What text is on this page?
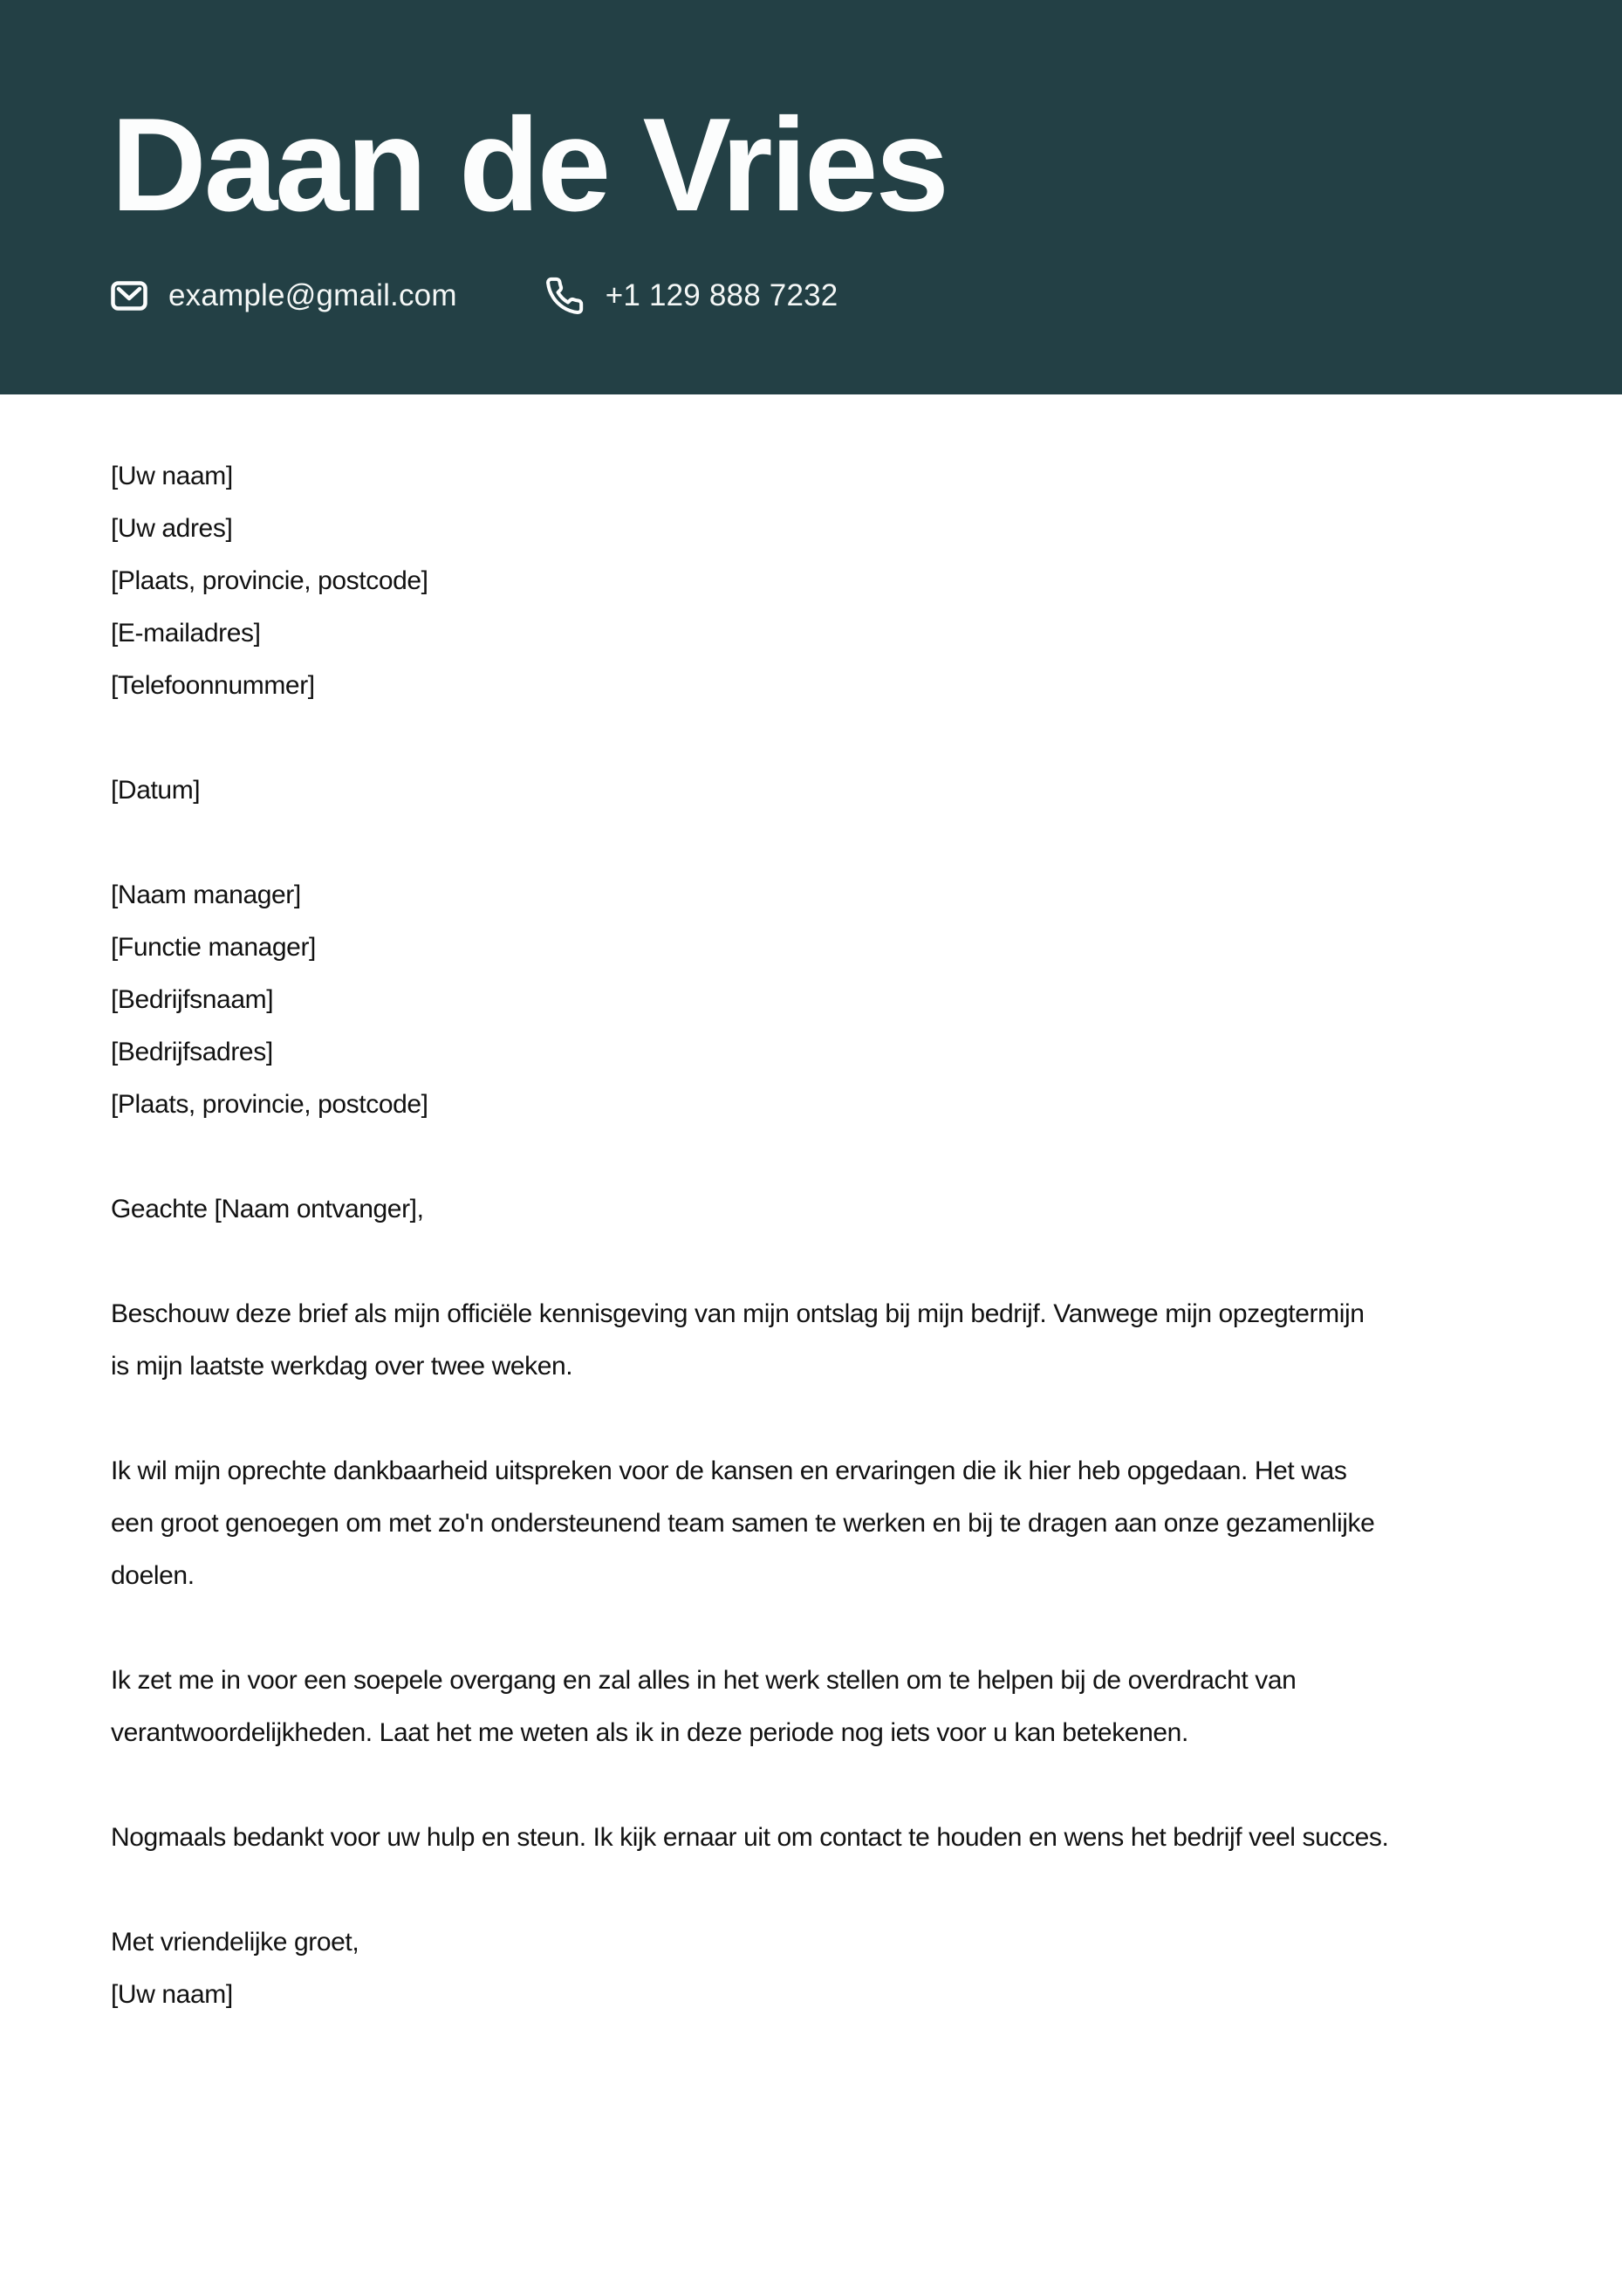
Daan de Vries
example@gmail.com	+1 129 888 7232
[Uw naam]
[Uw adres]
[Plaats, provincie, postcode]
[E-mailadres]
[Telefoonnummer]
[Datum]
[Naam manager]
[Functie manager]
[Bedrijfsnaam]
[Bedrijfsadres]
[Plaats, provincie, postcode]
Geachte [Naam ontvanger],
Beschouw deze brief als mijn officiële kennisgeving van mijn ontslag bij mijn bedrijf. Vanwege mijn opzegtermijn
is mijn laatste werkdag over twee weken.
Ik wil mijn oprechte dankbaarheid uitspreken voor de kansen en ervaringen die ik hier heb opgedaan. Het was
een groot genoegen om met zo'n ondersteunend team samen te werken en bij te dragen aan onze gezamenlijke
doelen.
Ik zet me in voor een soepele overgang en zal alles in het werk stellen om te helpen bij de overdracht van
verantwoordelijkheden. Laat het me weten als ik in deze periode nog iets voor u kan betekenen.
Nogmaals bedankt voor uw hulp en steun. Ik kijk ernaar uit om contact te houden en wens het bedrijf veel succes.
Met vriendelijke groet,
[Uw naam]
